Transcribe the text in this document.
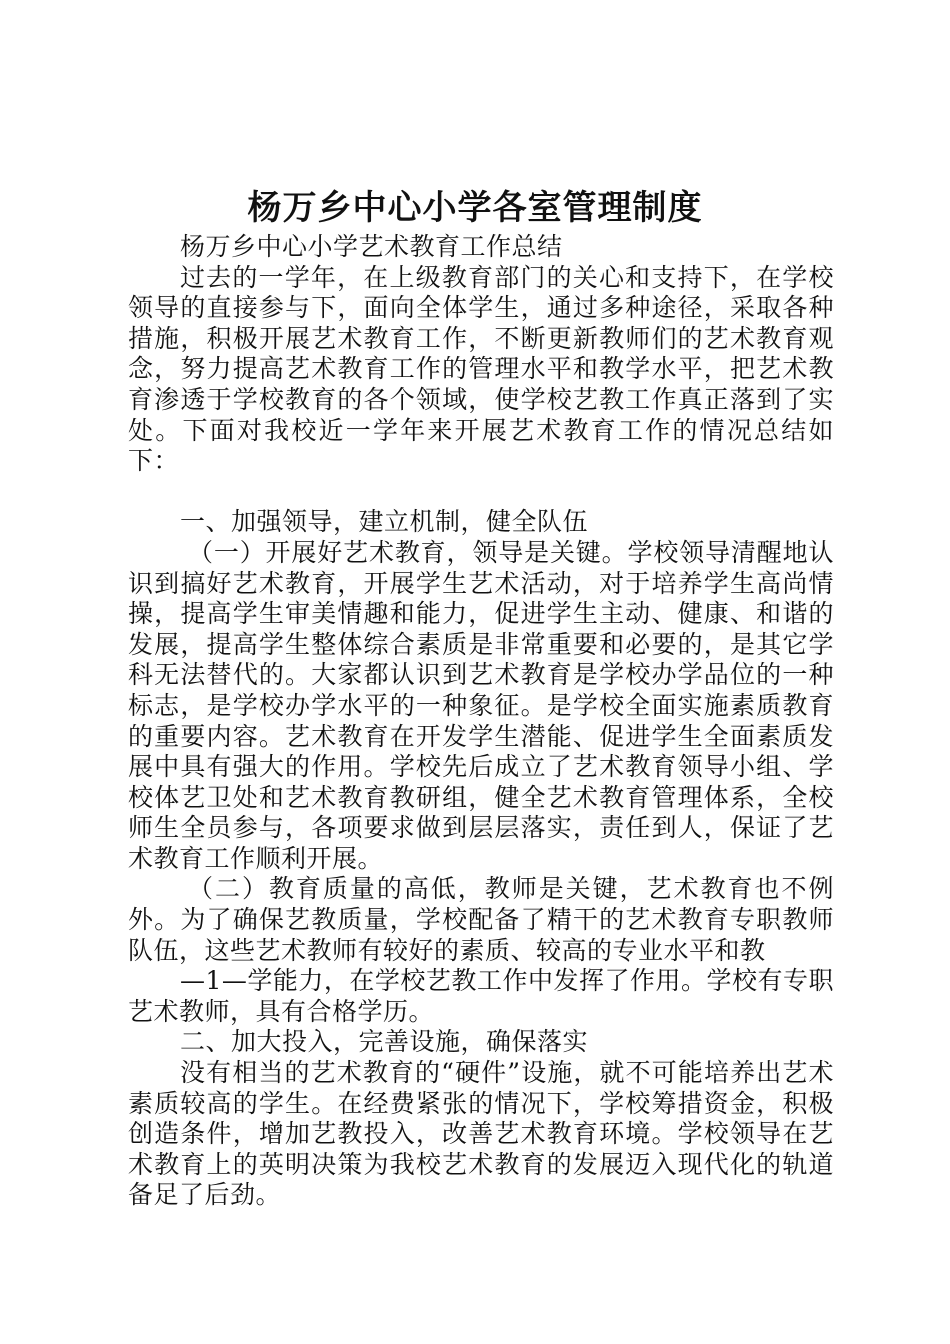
杨万乡中心小学各室管理制度

杨万乡中心小学艺术教育工作总结

过去的一学年，在上级教育部门的关心和支持下，在学校领导的直接参与下，面向全体学生，通过多种途径，采取各种措施，积极开展艺术教育工作，不断更新教师们的艺术教育观念，努力提高艺术教育工作的管理水平和教学水平，把艺术教育渗透于学校教育的各个领域，使学校艺教工作真正落到了实处。下面对我校近一学年来开展艺术教育工作的情况总结如下：

一、加强领导，建立机制，健全队伍

（一）开展好艺术教育，领导是关键。学校领导清醒地认识到搞好艺术教育，开展学生艺术活动，对于培养学生高尚情操，提高学生审美情趣和能力，促进学生主动、健康、和谐的发展，提高学生整体综合素质是非常重要和必要的，是其它学科无法替代的。大家都认识到艺术教育是学校办学品位的一种标志，是学校办学水平的一种象征。是学校全面实施素质教育的重要内容。艺术教育在开发学生潜能、促进学生全面素质发展中具有强大的作用。学校先后成立了艺术教育领导小组、学校体艺卫处和艺术教育教研组，健全艺术教育管理体系，全校师生全员参与，各项要求做到层层落实，责任到人，保证了艺术教育工作顺利开展。

（二）教育质量的高低，教师是关键，艺术教育也不例外。为了确保艺教质量，学校配备了精干的艺术教育专职教师队伍，这些艺术教师有较好的素质、较高的专业水平和教

—1—学能力，在学校艺教工作中发挥了作用。学校有专职艺术教师，具有合格学历。

二、加大投入，完善设施，确保落实

没有相当的艺术教育的“硬件”设施，就不可能培养出艺术素质较高的学生。在经费紧张的情况下，学校筹措资金，积极创造条件，增加艺教投入，改善艺术教育环境。学校领导在艺术教育上的英明决策为我校艺术教育的发展迈入现代化的轨道备足了后劲。
